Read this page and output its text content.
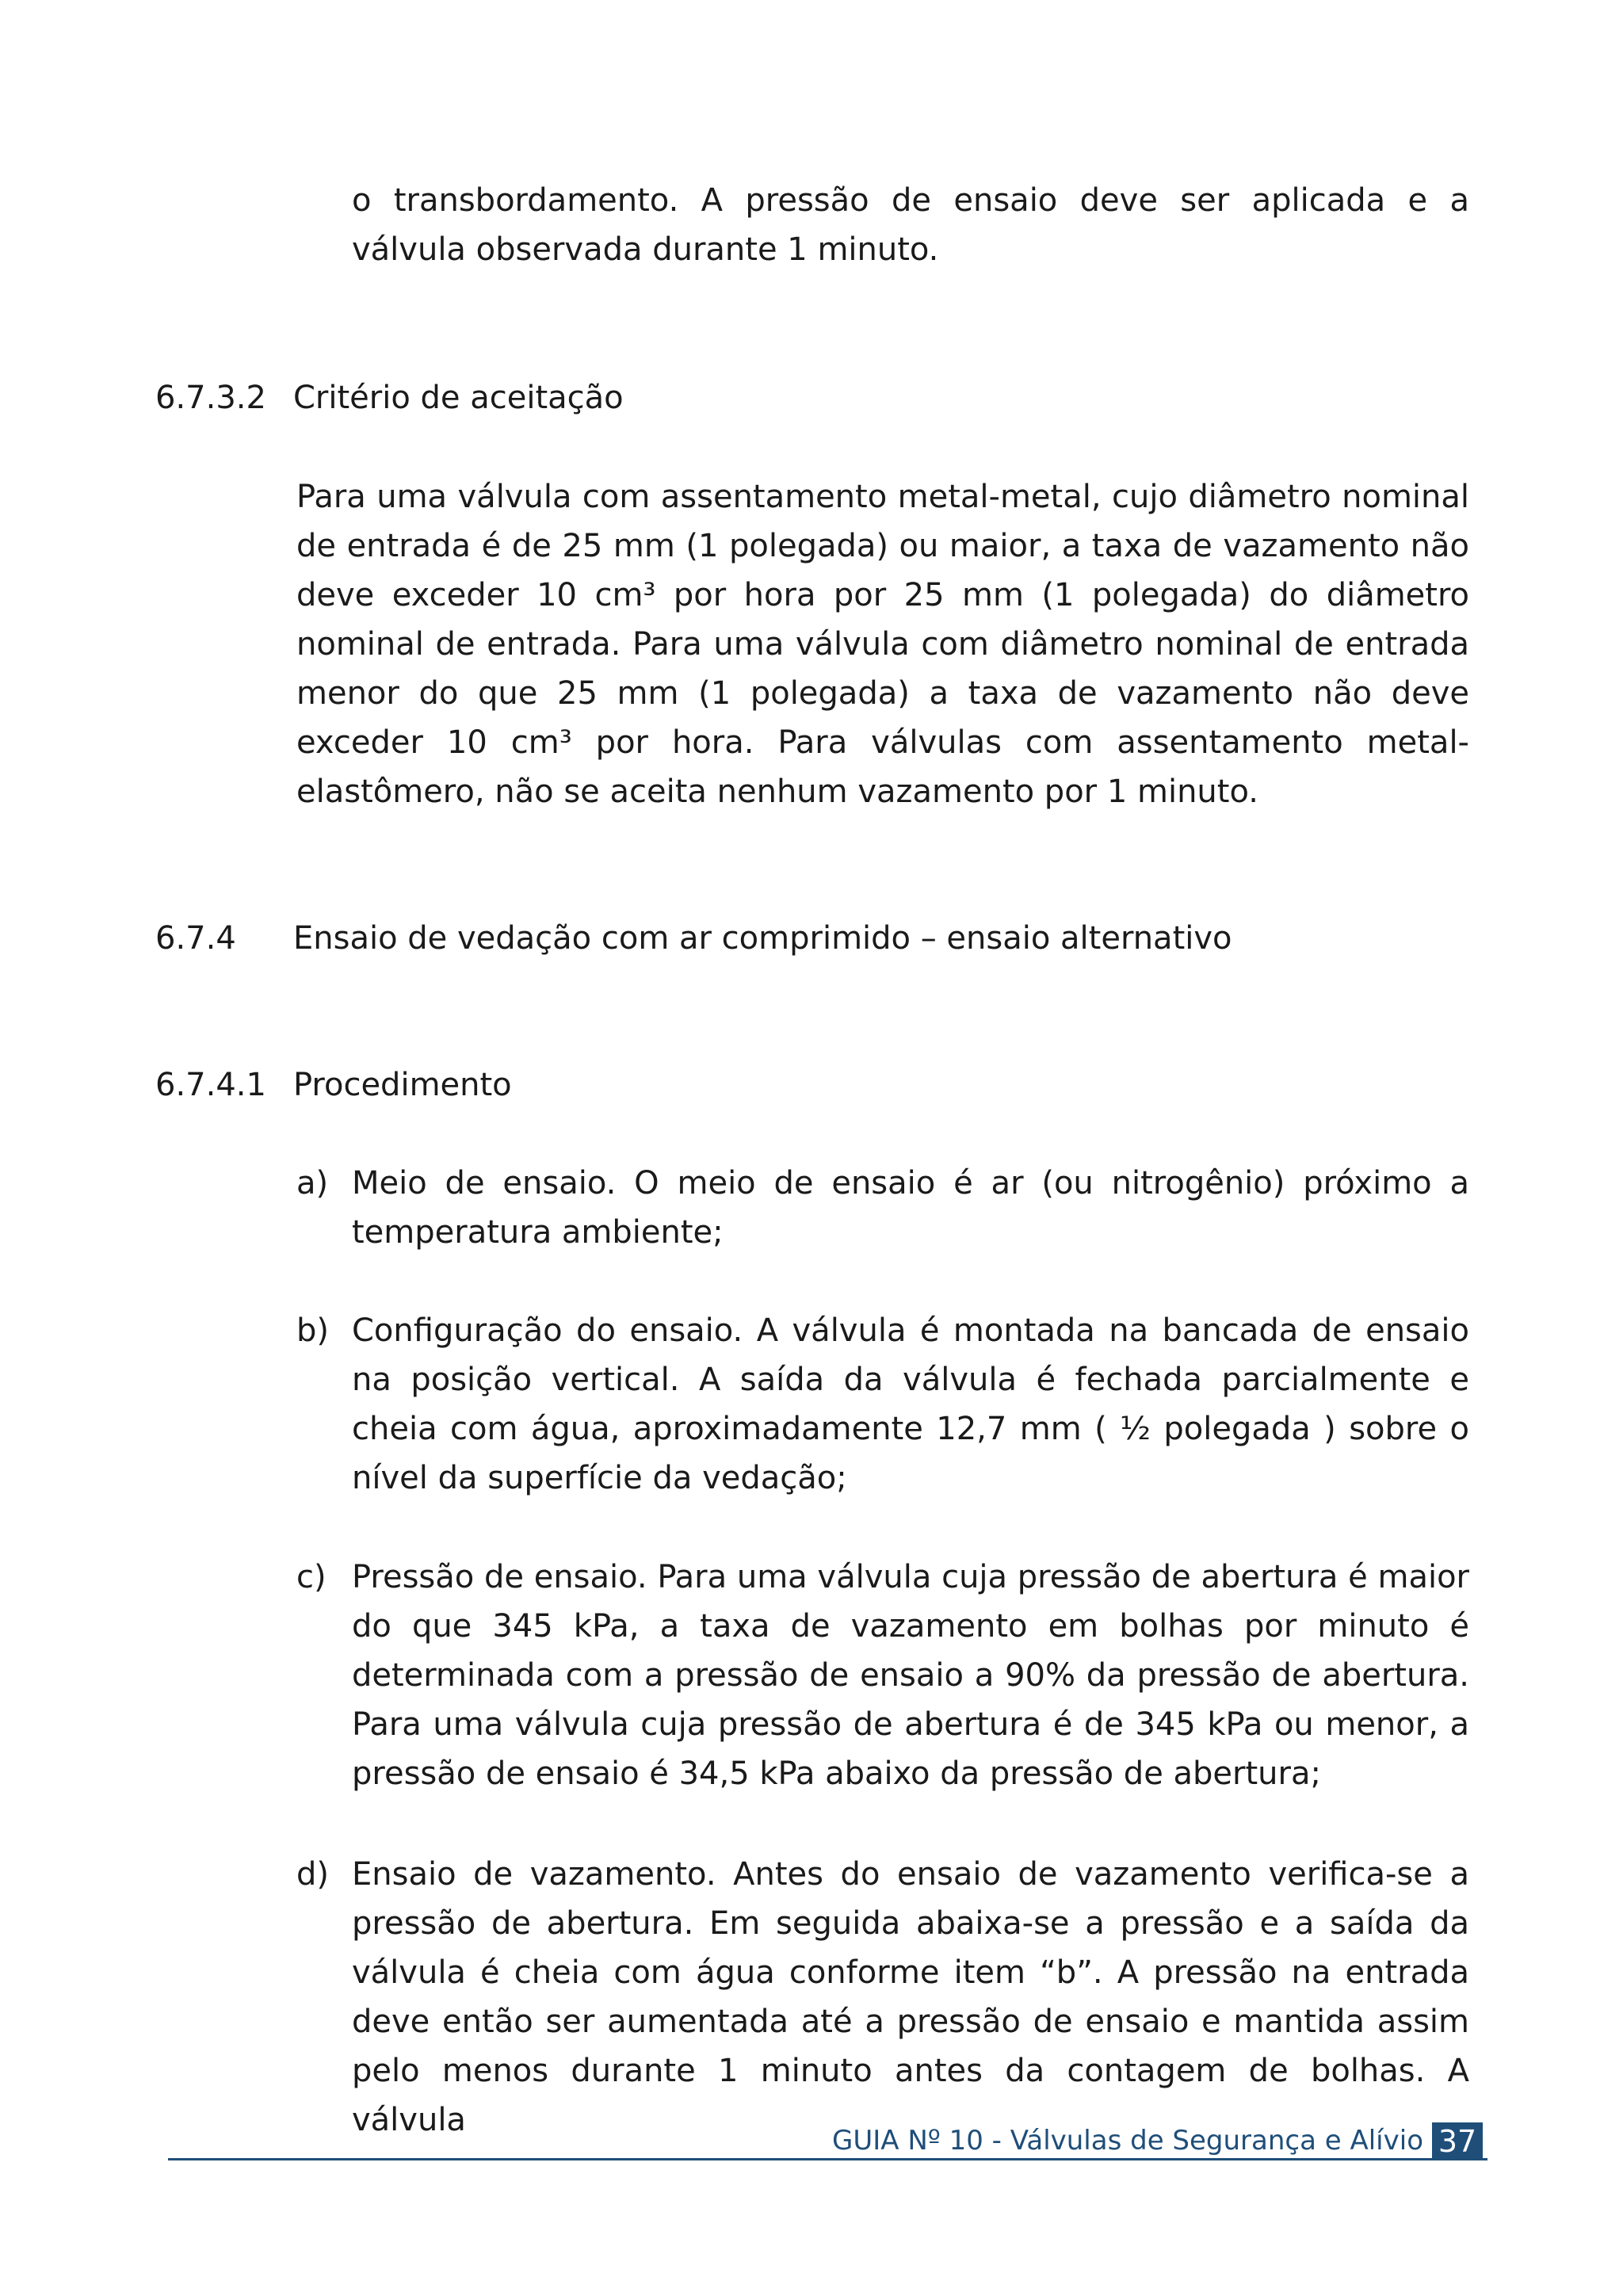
o transbordamento. A pressão de ensaio deve ser aplicada e a válvula observada durante 1 minuto.
6.7.3.2 Critério de aceitação
Para uma válvula com assentamento metal-metal, cujo diâmetro nominal de entrada é de 25 mm (1 polegada) ou maior, a taxa de vazamento não deve exceder 10 cm³ por hora por 25 mm (1 polegada) do diâmetro nominal de entrada. Para uma válvula com diâmetro nominal de entrada menor do que 25 mm (1 polegada) a taxa de vazamento não deve exceder 10 cm³ por hora. Para válvulas com assentamento metal-elastômero, não se aceita nenhum vazamento por 1 minuto.
6.7.4 Ensaio de vedação com ar comprimido – ensaio alternativo
6.7.4.1 Procedimento
a) Meio de ensaio. O meio de ensaio é ar (ou nitrogênio) próximo a temperatura ambiente;
b) Configuração do ensaio. A válvula é montada na bancada de ensaio na posição vertical. A saída da válvula é fechada parcialmente e cheia com água, aproximadamente 12,7 mm ( ½ polegada ) sobre o nível da superfície da vedação;
c) Pressão de ensaio. Para uma válvula cuja pressão de abertura é maior do que 345 kPa, a taxa de vazamento em bolhas por minuto é determinada com a pressão de ensaio a 90% da pressão de abertura. Para uma válvula cuja pressão de abertura é de 345 kPa ou menor, a pressão de ensaio é 34,5 kPa abaixo da pressão de abertura;
d) Ensaio de vazamento. Antes do ensaio de vazamento verifica-se a pressão de abertura. Em seguida abaixa-se a pressão e a saída da válvula é cheia com água conforme item “b”. A pressão na entrada deve então ser aumentada até a pressão de ensaio e mantida assim pelo menos durante 1 minuto antes da contagem de bolhas. A válvula
GUIA Nº 10 - Válvulas de Segurança e Alívio 37
